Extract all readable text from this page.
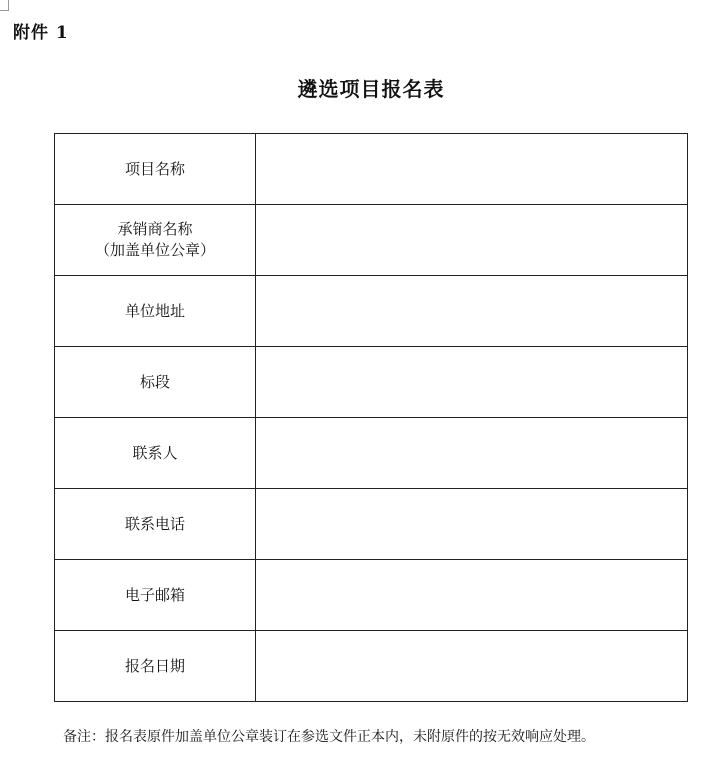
附件 1
遴选项目报名表
项目名称	

承销商名称
（加盖单位公章）	

单位地址	

标段	

联系人	

联系电话	

电子邮箱	

报名日期	

备注：报名表原件加盖单位公章装订在参选文件正本内，未附原件的按无效响应处理。
